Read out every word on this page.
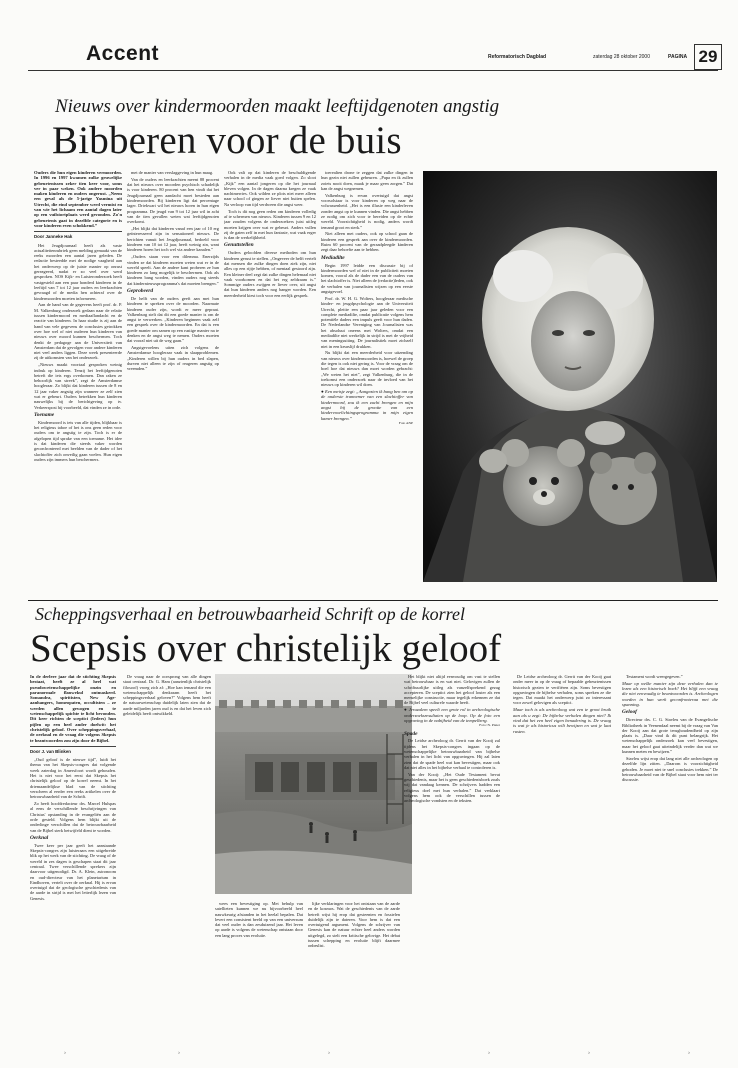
Accent	Reformatorisch Dagblad	zaterdag 28 oktober 2000	PAGINA 29
Nieuws over kindermoorden maakt leeftijdgenoten angstig
Bibberen voor de buis

Ouders die hun eigen kinderen vermoorden. In 1996 en 1997 kwamen zulke gruwelijke gebeurtenissen zeker tien keer voor, soms ver in paar weken. Ook andere moorden maken kinderen en ouders ongerust. „Neem een geval als de 5-jarige Yasmina uit Utrecht, die eind september werd vermist en van wie het lichaam een aantal dagen later op een vuilstortplaats werd gevonden. Zo'n gebeurtenis gaat in dezelfde categorie en is voor kinderen even schokkend.”

Door Janneke Hak

Het Jeugdjournaal heeft als vaste actualiteitenrubriek geen melding gemaakt van de reeks moorden een aantal jaren geleden. De redactie besteedde met de nodige vaagheid aan het onderwerp op de juiste manier op onrust gereageerd, nadat er zo veel over werd gesproken. NOS Kijk- en Luisteronderzoek heeft vastgesteld aan een paar honderd kinderen in de leeftijd van 7 tot 12 jaar ouders en leerkrachten gevraagd of de media hen achteraf over de kindermoorden moeten informeren.

Aan de hand van de gegevens heeft prof. dr. P. M. Valkenburg onderzoek gedaan naar de relatie tussen kindermoord en mediaaflandacht en de reactie van kinderen. In haar studie is zij aan de hand van vele gegevens de conclusies getrokken over hoe wel of niet ouderen hun kinderen van nieuws over moord kunnen beschermen. Toch denkt de pedagoge aan de Universiteit van Amsterdam dat de gevolgen voor andere kinderen niet veel anders liggen. Deze week presenteerde zij de uitkomsten van het onderzoek.

„Nieuws maakt voortaal gesproken weinig indruk op kinderen. Tenzij het leeftijdgenoten betreft die iets ergs overkomen. Dan raken ze behoorlijk van streek”, zegt de Amsterdamse hoogleraar. Zo blijkt dat kinderen tussen de 8 en 12 jaar vaker angstig zijn wanneer ze zelf zien wat er gebeurt. Ouders betrekken hun kinderen nauwelijks bij de berichtgeving op tv. Verkeerspost hij voorbeeld, dat vinden ze in orde.

Toename

Kindermoord is iets van alle tijden, blijkbaar is het religieus taboe of het is ons geen reden voor ouders om te angstig te zijn. Toch is er de afgelopen tijd sprake van een toename. Het idee is dat kinderen die steeds vaker worden geconfronteerd met beelden van de dader of het slachtoffer zich onveilig gaan voelen. Hun eigen ouders zijn immers hun beschermers.

met de manier van verslaggeving in hun maag.

Van de ouders en leerkrachten meent 88 procent dat het nieuws over moorden psychisch schadelijk is voor kinderen. 80 procent van hen vindt dat het Jeugdjournaal geen aandacht moet besteden aan kindermoorden. Bij kinderen ligt dat percentage lager. Driekwart wil het nieuws horen in hun eigen programma. De jeugd van 9 tot 12 jaar wil in acht van de tien gevallen weten wat leeftijdgenoten overkomt.

„Het blijkt dat kinderen vanaf een jaar of 10 erg geïnteresseerd zijn in sensationeel nieuws. De berichten vanuit het Jeugdjournaal, bedoeld voor kinderen van 10 tot 12 jaar, heeft weinig zin, want kinderen horen het toch wel via andere kanalen.”

„Ouders staan voor een dilemma. Enerzijds vinden ze dat kinderen moeten weten wat er in de wereld speelt. Aan de andere kant proberen ze hun kinderen zo lang mogelijk te beschermen. Ook als kinderen bang worden, vinden ouders nog steeds dat kindernieuwsprogramma's dat moeten brengen.”

Geprobeerd

De helft van de ouders geeft aan met hun kinderen te spreken over de moorden. Naarmate kinderen ouder zijn, wordt er meer gepraat. Valkenburg stelt dat dit een goede manier is om de angst te verwerken. „Kinderen beginnen vaak zelf een gesprek over de kindermoorden. En dat is een goede manier om samen op een rustige manier na te denken en de angst weg te nemen. Ouders moeten dat vooral niet uit de weg gaan.”

Angstgevoelens uiten zich volgens de Amsterdamse hoogleraar vaak in slaapproblemen. „Kinderen willen bij hun ouders in bed slapen, durven niet alleen te zijn of reageren angstig op vreemden.”

Ook valt op dat kinderen de beschuldigende verhalen in de media vaak goed volgen. Zo sloot „Kijk” een aantal jongeren op die het journaal bleven volgen. In de dagen daarna kregen ze vaak nachtmerries. Ook wilden ze plots niet meer alleen naar school of gingen ze liever niet buiten spelen. Na verloop van tijd verdween die angst weer.

Toch is dit nog geen reden om kinderen volledig af te schermen van nieuws. Kinderen tussen 9 en 12 jaar zouden volgens de onderzoekers juist uitleg moeten krijgen over wat er gebeurt. Anders vullen zij de gaten zelf in met hun fantasie, wat vaak erger is dan de werkelijkheid.

Genuttstellen

Ouders geloofden diverse methoden om hun kinderen gerust te stellen. „Ongeveer de helft vertelt dat mensen die zulke dingen doen ziek zijn, niet alles op een rijtje hebben, of mentaal gestoord zijn. Een kleiner deel zegt dat zulke dingen helemaal niet vaak voorkomen en dat het erg zeldzaam is.” Sommige ouders zwijgen er liever over, uit angst dat hun kinderen anders nog banger worden. Een meerderheid kiest toch voor een eerlijk gesprek.

toerealten drone te zeggen dat zulke dingen in hun gezin niet zullen gebeuren. „Papa en ik zullen zoiets nooit doen, maak je maar geen zorgen.” Dat kan de angst wegnemen.

Valkenburg is ervan overtuigd dat angst voorsolstaar is voor kinderen op weg naar de volwassenheid. „Het is een illusie een kinderleven zonder angst op te kunnen vinden. Die angst hebben ze nodig om zich voor te bereiden op de echte wereld. Voorzichtigheid is nodig, anders wordt iemand groot en sterk.”

Niet alleen met ouders, ook op school gaan de kinderen een gesprek aan over de kindermoorden. Ruim 60 procent van de geraadpleegde kinderen zegt daar behoefte aan te hebben.

Mediadilte

Begin 1997 leidde een discussie bij of kindermoorden wel of niet in de publiciteit moeten komen, vooral als de dader een van de ouders van het slachtoffer is. Niet alleen de (redactie)leden, ook de verhalen van journalisten wijzen op een eerste angstgevoel.

Prof. dr. W. H. G. Wolters, hoogleraar medische kinder- en jeugdpsychologie aan de Universiteit Utrecht, pleitte een paar jaar geleden voor een complete mediadilte, omdat publicatie volgens hem potentiële daders een impuls geeft voor hun daden. De Nederlandse Vereniging van Journalisten was het absoluut oneens met Wolters, omdat een mediadilte niet werkelijk in strijd is met de vrijheid van meningsuiting. De journalistiek moet zichzelf niet in een keurslijf drukken.

Nu blijkt dat een meerderheid voor uitzending van nieuws over kindermoorden is, hoewel de groep die tegen is ook niet gering is. Voor de vraag om de boel hoe dat nieuws dan moet worden gebracht: „We weten het niet”, zegt Valkenburg, die in de toekomst een onderzoek naar de invloed van het nieuws op kinderen wil doen.

● Een meisje zegt: „Aangezien ik bang ben om op de onderste trannemer van een slachtoffer van kindermoord, zou ik een zucht brengen en mijn angst bij de grootte van een kindervoorlichtingsprogramma in mijn eigen kamer brengen.”
Foto ANP

Scheppingsverhaal en betrouwbaarheid Schrift op de korrel
Scepsis over christelijk geloof

In de derlere jaar dat de stichting Skepsis bestaat, heeft ze al heel wat pseudowetenschappelijke onzin en paranormale flauwekul ontmaskerd. Somandra, spiritisten, New Age-aanhangers, homeopaten, occultisten – ze werden allen gewogen en te wetenschappelijk spichte te licht bevonden. Dit keer richten de sceptici (Ieders) hun pijlen op een heel ander doelwit: het christelijk geloof. Over scheppingsverhaal, de oerknal en de vraag die volgens Skepsis te beantwoorden zou zijn door de Bijbel.

Door J. van Blinken

„Oud geloof is de nieuwe tijd”, luidt het thema van het Skepsis-congres dat volgende week zaterdag in Amersfoort wordt gehouden. Het is niet voor het eerst dat Skepsis het christelijk geloof op de korrel neemt. In het driemaandelijkse blad van de stichting verscheen al eerder een reeks artikelen over de betrouwbaarheid van de Schrift.

Zo heeft hoofdredacteur drs. Marcel Hulspas al eens de verschillende beschrijvingen van Christus' opstanding in de evangeliën aan de orde gesteld. Volgens hem blijkt uit de onderlinge verschillen dat de betrouwbaarheid van de Bijbel sterk betwijfeld dient te worden.

Oerknal

Twee keer per jaar geeft het aanstaande Skepsis-congres zijn luisteraars een uitgebreide blik op het werk van de stichting. De vraag of de wereld in zes dagen is geschapen staat dit jaar centraal. Twee verschillende sprekers zijn daarvoor uitgenodigd. Dr. A. Klein, astronoom en oud-directeur van het planetarium in Eindhoven, vertelt over de oerknal. Hij is ervan overtuigd dat de geologische geschiedenis van de aarde in strijd is met het letterlijk lezen van Genesis.

De vraag naar de oorsprong van alle dingen staat centraal. Dr. G. Ham (aanzienlijk christelijk filosoof) vroeg zich af: „Hoe kan iemand die een wetenschappelijk denkraam heeft het scheppingsverhaal geloven?” Volgens hem heeft de natuurwetenschap duidelijk laten zien dat de aarde miljarden jaren oud is en dat het leven zich geleidelijk heeft ontwikkeld.

wees een bevestiging op. Met behulp van satellieten kunnen we nu bijvoorbeeld heel nauwkeurig afstanden in het heelal bepalen. Dat levert een consistent beeld op van een universum dat veel ouder is dan zesduizend jaar. Het leven op aarde is volgens de wetenschap ontstaan door een lang proces van evolutie.

lijke verklaringen voor het ontstaan van de aarde en de kosmos. Wat de geschiedenis van de aarde betreft wijst hij erop dat gesteenten en fossielen duidelijk zijn te dateren. Voor hem is dat een overtuigend argument. Volgens de schrijver van Genesis kan de natuur echter heel anders worden uitgelegd, zo stelt een kritische gelovige. Het debat tussen schepping en evolutie blijft daarmee onbeslist.

Het blijkt niet altijd eenvoudig om vast te stellen wat betrouwbaar is en wat niet. Gelovigen zullen de schriftuurlijke uitleg als vanzelfsprekend gezag accepteren. De sceptici zien het geloof louter als een menselijke constructie, maar tegelijk erkennen ze dat de Bijbel veel culturele waarde heeft.

● Jeruzalem speelt een grote rol in archeologische onderzoeksresultaten op de loop. Op de foto een opgraving in de nabijheid van de tempelberg.
Foto: N. Pieter

Spade

De Leidse archeoloog dr. Gerrit van der Kooij zal tijdens het Skepsis-congres ingaan op de wetenschappelijke betrouwbaarheid van bijbelse verhalen in het licht van opgravingen. Hij zal laten zien dat de spade heel wat kan bevestigen, maar ook dat niet alles in het bijbelse verhaal te controleren is.

Van der Kooij: „Het Oude Testament bevat geschiedenis, maar het is geen geschiedenisboek zoals wij dat vandaag kennen. De schrijvers hadden een religieus doel met hun verhalen.” Dat verklaart volgens hem ook de verschillen tussen de archeologische vondsten en de teksten.

De Leidse archeoloog dr. Gerrit van der Kooij gaat onder meer in op de vraag of bepaalde gebeurtenissen historisch gezien te verifiëren zijn. Soms bevestigen opgravingen de bijbelse verhalen, soms spreken ze die tegen. Dat maakt het onderwerp juist zo interessant voor zowel gelovigen als sceptici.

Maar toch is als archeoloog wat een te groot bruik aan als u zegt: De bijbelse verhalen dingen niet? Ik vind dat het een heel eigen benadering is. De vraag is wat je als historicus wilt bewijzen en wat je laat rusten.

Testament wordt weergegeven.”

Maar op welke manier zijn deze verhalen dan te lezen als een historisch boek? Het blijft een vraag die niet eenvoudig te beantwoorden is. Archeologen worden in hun werk geconfronteraa met die spanning.

Geloof

Directeur drs. C. G. Stavleu van de Evangelische Bibliotheek in Veenendaal neemt bij de vraag van Van der Kooij aan dat grote terughoudendheid op zijn plaats is. „Daar vind ik dit punt belangrijk. Het wetenschappelijk onderzoek kan veel bevestigen, maar het geloof gaat uiteindelijk verder dan wat we kunnen meten en bewijzen.”

Stavleu wijst erop dat lang niet alle archeologen op dezelfde lijn zitten. „Daarom is voorzichtigheid geboden. Je moet niet te snel conclusies trekken.” De betrouwbaarheid van de Bijbel staat voor hem niet ter discussie.

›	›	›	›	›	›
